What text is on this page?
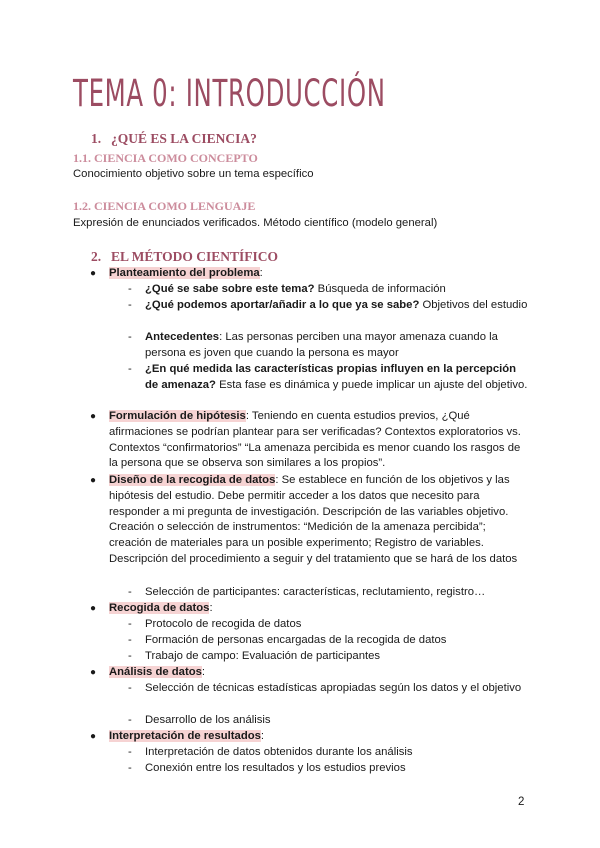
TEMA 0: INTRODUCCIÓN
1. ¿QUÉ ES LA CIENCIA?
1.1. CIENCIA COMO CONCEPTO
Conocimiento objetivo sobre un tema específico
1.2. CIENCIA COMO LENGUAJE
Expresión de enunciados verificados. Método científico (modelo general)
2. EL MÉTODO CIENTÍFICO
● Planteamiento del problema:
- ¿Qué se sabe sobre este tema? Búsqueda de información
- ¿Qué podemos aportar/añadir a lo que ya se sabe? Objetivos del estudio
- Antecedentes: Las personas perciben una mayor amenaza cuando la persona es joven que cuando la persona es mayor
- ¿En qué medida las características propias influyen en la percepción de amenaza? Esta fase es dinámica y puede implicar un ajuste del objetivo.
● Formulación de hipótesis: Teniendo en cuenta estudios previos, ¿Qué afirmaciones se podrían plantear para ser verificadas? Contextos exploratorios vs. Contextos “confirmatorios” “La amenaza percibida es menor cuando los rasgos de la persona que se observa son similares a los propios”.
● Diseño de la recogida de datos: Se establece en función de los objetivos y las hipótesis del estudio. Debe permitir acceder a los datos que necesito para responder a mi pregunta de investigación. Descripción de las variables objetivo. Creación o selección de instrumentos: “Medición de la amenaza percibida”; creación de materiales para un posible experimento; Registro de variables. Descripción del procedimiento a seguir y del tratamiento que se hará de los datos
- Selección de participantes: características, reclutamiento, registro…
● Recogida de datos:
- Protocolo de recogida de datos
- Formación de personas encargadas de la recogida de datos
- Trabajo de campo: Evaluación de participantes
● Análisis de datos:
- Selección de técnicas estadísticas apropiadas según los datos y el objetivo
- Desarrollo de los análisis
● Interpretación de resultados:
- Interpretación de datos obtenidos durante los análisis
- Conexión entre los resultados y los estudios previos
2
